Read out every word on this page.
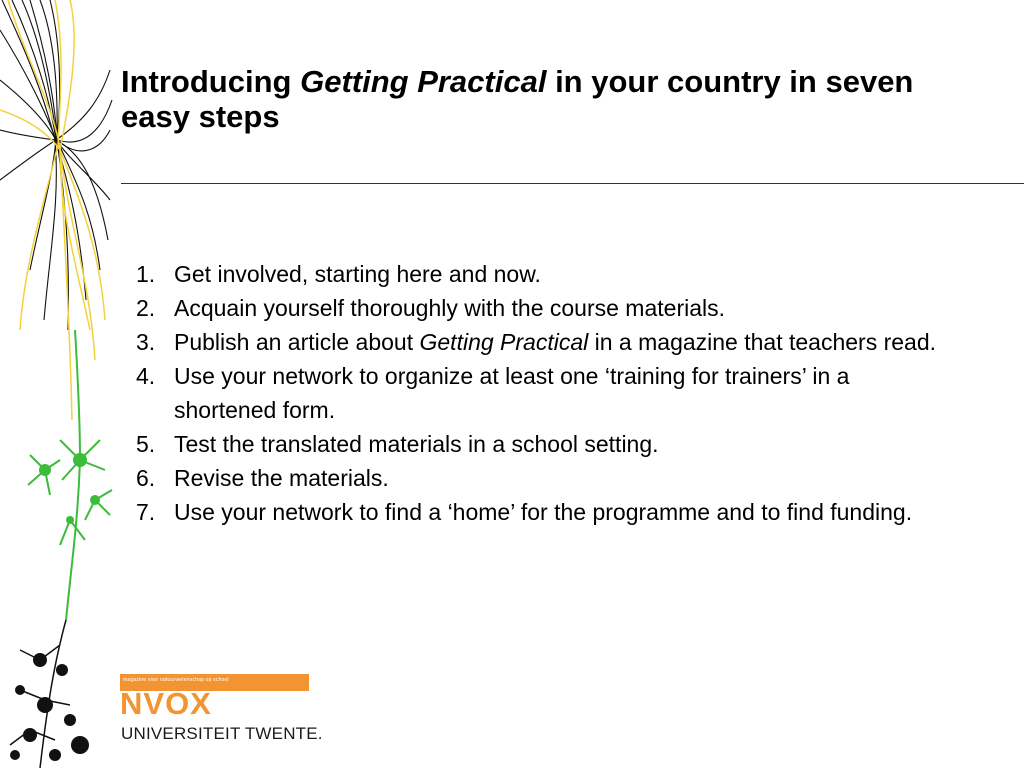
Introducing Getting Practical in your country in seven easy steps
1. Get involved, starting here and now.
2. Acquain yourself thoroughly with the course materials.
3. Publish an article about Getting Practical in a magazine that teachers read.
4. Use your network to organize at least one ‘training for trainers’ in a shortened form.
5. Test the translated materials in a school setting.
6. Revise the materials.
7. Use your network to find a ‘home’ for the programme and to find funding.
magazine voor natuurwetenschap op school
NVOX
UNIVERSITEIT TWENTE.
